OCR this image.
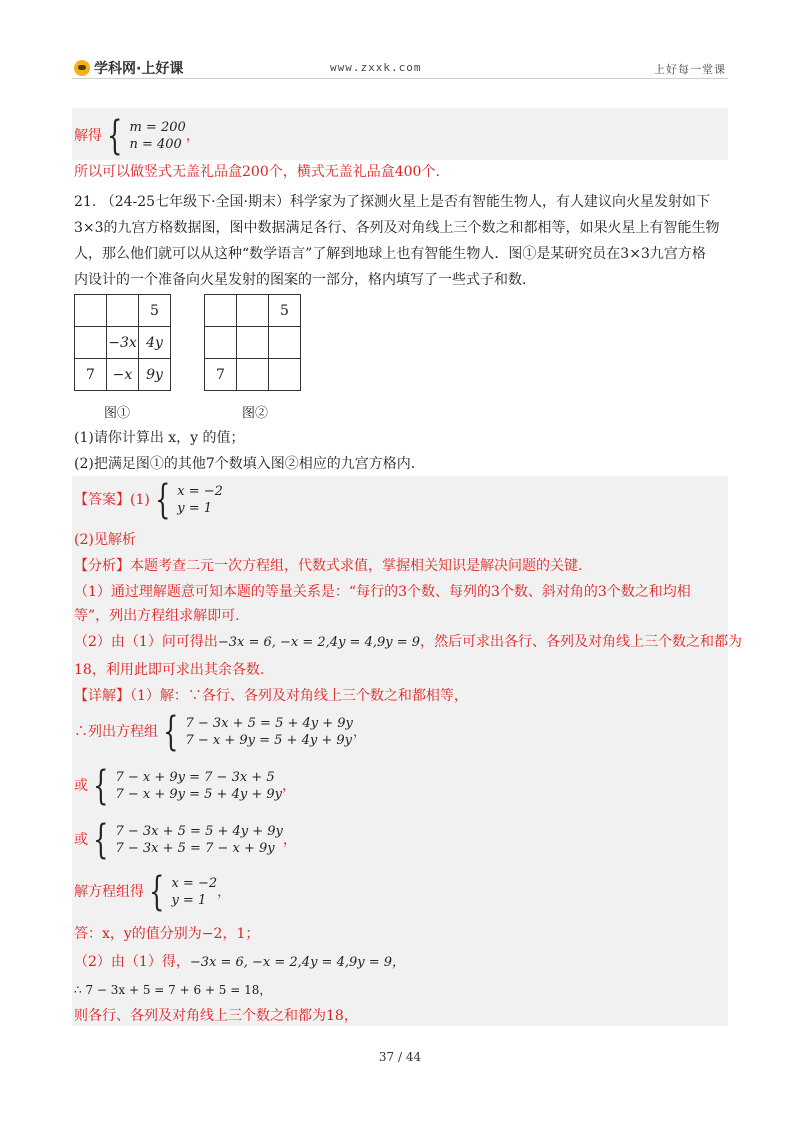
学科网·上好课	www.zxxk.com	上好每一堂课
解得 { m = 200
n = 400
，
所以可以做竖式无盖礼品盒200个，横式无盖礼品盒400个.
21. （24-25七年级下·全国·期末）科学家为了探测火星上是否有智能生物人，有人建议向火星发射如下
3×3的九宫方格数据图，图中数据满足各行、各列及对角线上三个数之和都相等，如果火星上有智能生物
人，那么他们就可以从这种“数学语言”了解到地球上也有智能生物人．图①是某研究员在3×3九宫方格
内设计的一个准备向火星发射的图案的一部分，格内填写了一些式子和数.
		5
	−3x	4y
7	−x	9y
图①
		5

7		
图②
(1)请你计算出 x，y 的值；
(2)把满足图①的其他7个数填入图②相应的九宫方格内.
【答案】 (1) { x = −2
y = 1
(2)见解析
【分析】本题考查二元一次方程组，代数式求值，掌握相关知识是解决问题的关键.
（1）通过理解题意可知本题的等量关系是：“每行的3个数、每列的3个数、斜对角的3个数之和均相
等”，列出方程组求解即可.
（2）由（1）问可得出−3x = 6, −x = 2,4y = 4,9y = 9，然后可求出各行、各列及对角线上三个数之和都为
18，利用此即可求出其余各数.
【详解】（1）解：∵各行、各列及对角线上三个数之和都相等，
∴列出方程组 { 7 − 3x + 5 = 5 + 4y + 9y
7 − x + 9y = 5 + 4y + 9y
，
或 { 7 − x + 9y = 7 − 3x + 5
7 − x + 9y = 5 + 4y + 9y
，
或 { 7 − 3x + 5 = 5 + 4y + 9y
7 − 3x + 5 = 7 − x + 9y
，
解方程组得 { x = −2
y = 1
，
答：x，y的值分别为−2，1；
（2）由（1）得，−3x = 6, −x = 2,4y = 4,9y = 9，
∴ 7 − 3x + 5 = 7 + 6 + 5 = 18，
则各行、各列及对角线上三个数之和都为18，
37 / 44
